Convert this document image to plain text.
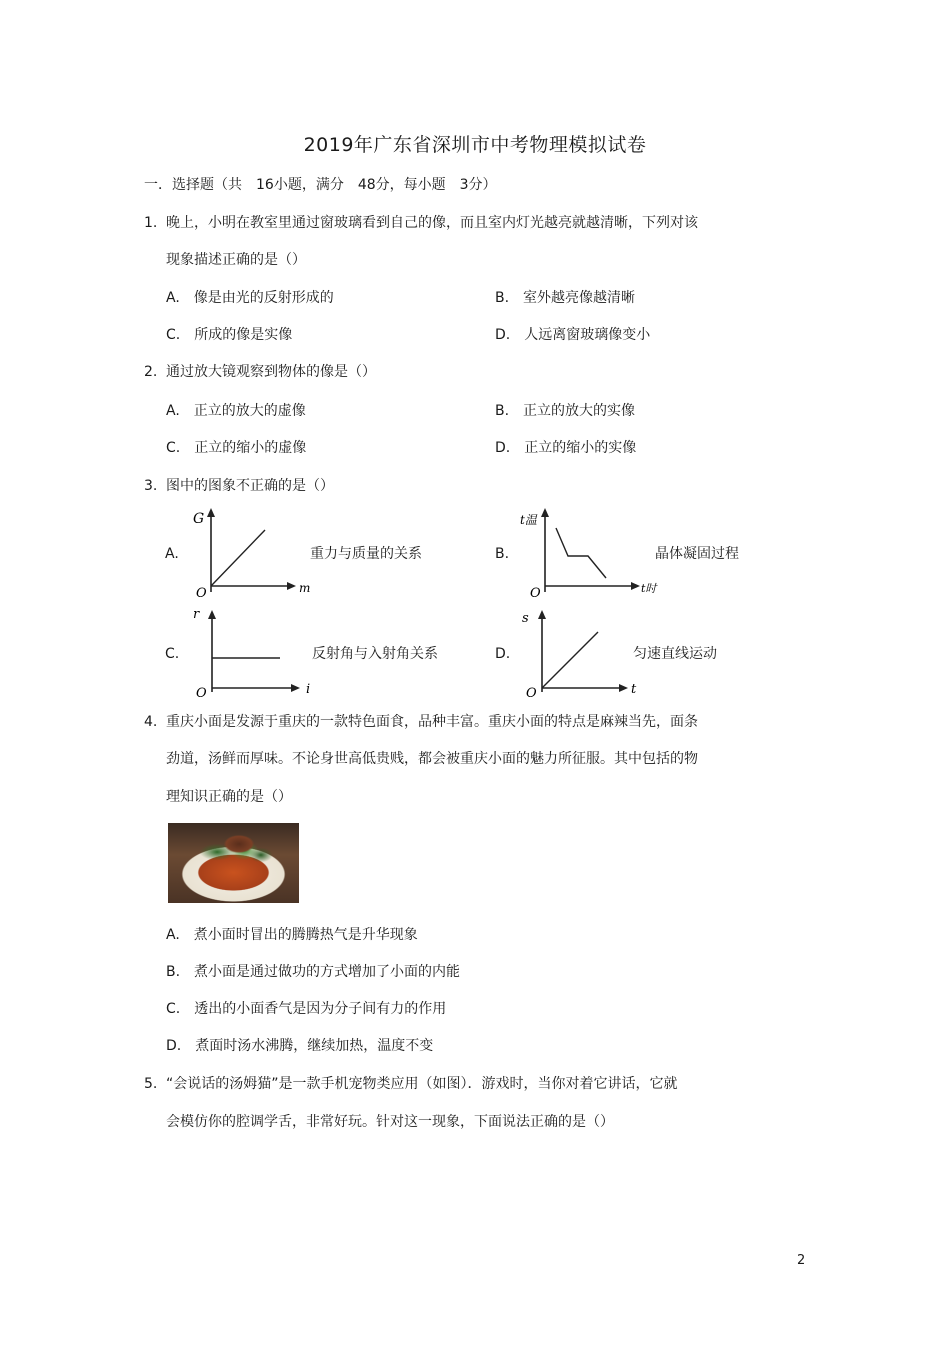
2019年广东省深圳市中考物理模拟试卷
一．选择题（共　16小题，满分　48分，每小题　3分）
1. 晚上，小明在教室里通过窗玻璃看到自己的像，而且室内灯光越亮就越清晰，下列对该
现象描述正确的是（）
A.　像是由光的反射形成的	B.　室外越亮像越清晰
C.　所成的像是实像	D.　人远离窗玻璃像变小
2. 通过放大镜观察到物体的像是（）
A.　正立的放大的虚像	B.　正立的放大的实像
C.　正立的缩小的虚像	D.　正立的缩小的实像
3. 图中的图象不正确的是（）
A.	重力与质量的关系	B.	晶体凝固过程
C.	反射角与入射角关系	D.	匀速直线运动
G
m
O
t温
t时
O
r
i
O
s
t
O
4. 重庆小面是发源于重庆的一款特色面食，品种丰富。重庆小面的特点是麻辣当先，面条
劲道，汤鲜而厚味。不论身世高低贵贱，都会被重庆小面的魅力所征服。其中包括的物
理知识正确的是（）
A.　煮小面时冒出的腾腾热气是升华现象
B.　煮小面是通过做功的方式增加了小面的内能
C.　透出的小面香气是因为分子间有力的作用
D.　煮面时汤水沸腾，继续加热，温度不变
5. “会说话的汤姆猫”是一款手机宠物类应用（如图）．游戏时，当你对着它讲话，它就
会模仿你的腔调学舌，非常好玩。针对这一现象，下面说法正确的是（）
2
